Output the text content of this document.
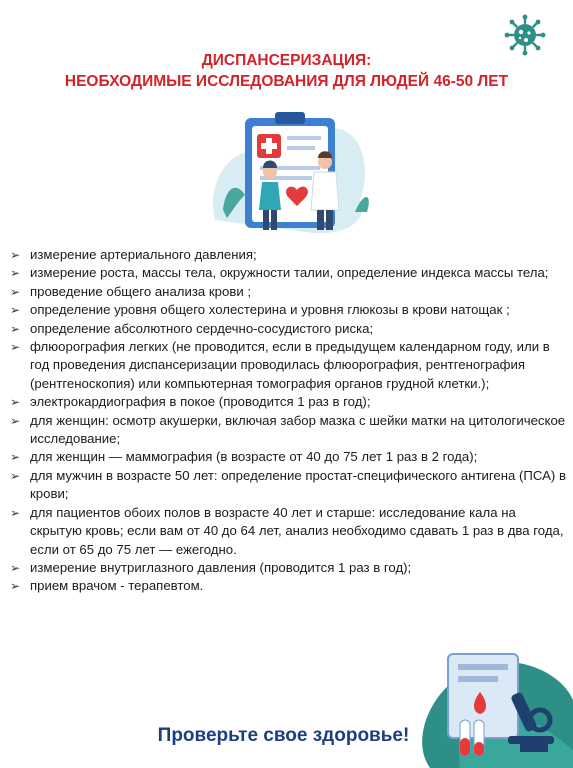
ДИСПАНСЕРИЗАЦИЯ:
НЕОБХОДИМЫЕ ИССЛЕДОВАНИЯ ДЛЯ ЛЮДЕЙ 46-50 ЛЕТ
➢ измерение артериального давления;
➢ измерение роста, массы тела, окружности талии, определение индекса массы тела;
➢ проведение общего анализа крови ;
➢ определение уровня общего холестерина и уровня глюкозы в крови натощак ;
➢ определение абсолютного сердечно-сосудистого риска;
➢ флюорография легких (не проводится, если в предыдущем календарном году, или в год проведения диспансеризации проводилась флюорография, рентгенография (рентгеноскопия) или компьютерная томография органов грудной клетки.);
➢ электрокардиография в покое (проводится 1 раз в год);
➢ для женщин: осмотр акушерки, включая забор мазка с шейки матки на цитологическое исследование;
➢ для женщин — маммография (в возрасте от 40 до 75 лет 1 раз в 2 года);
➢ для мужчин в возрасте 50 лет: определение простат-специфического антигена (ПСА) в крови;
➢ для пациентов обоих полов в возрасте 40 лет и старше: исследование кала на скрытую кровь; если вам от 40 до 64 лет, анализ необходимо сдавать 1 раз в два года, если от 65 до 75 лет — ежегодно.
➢ измерение внутриглазного давления (проводится 1 раз в год);
➢ прием врачом - терапевтом.
Проверьте свое здоровье!
